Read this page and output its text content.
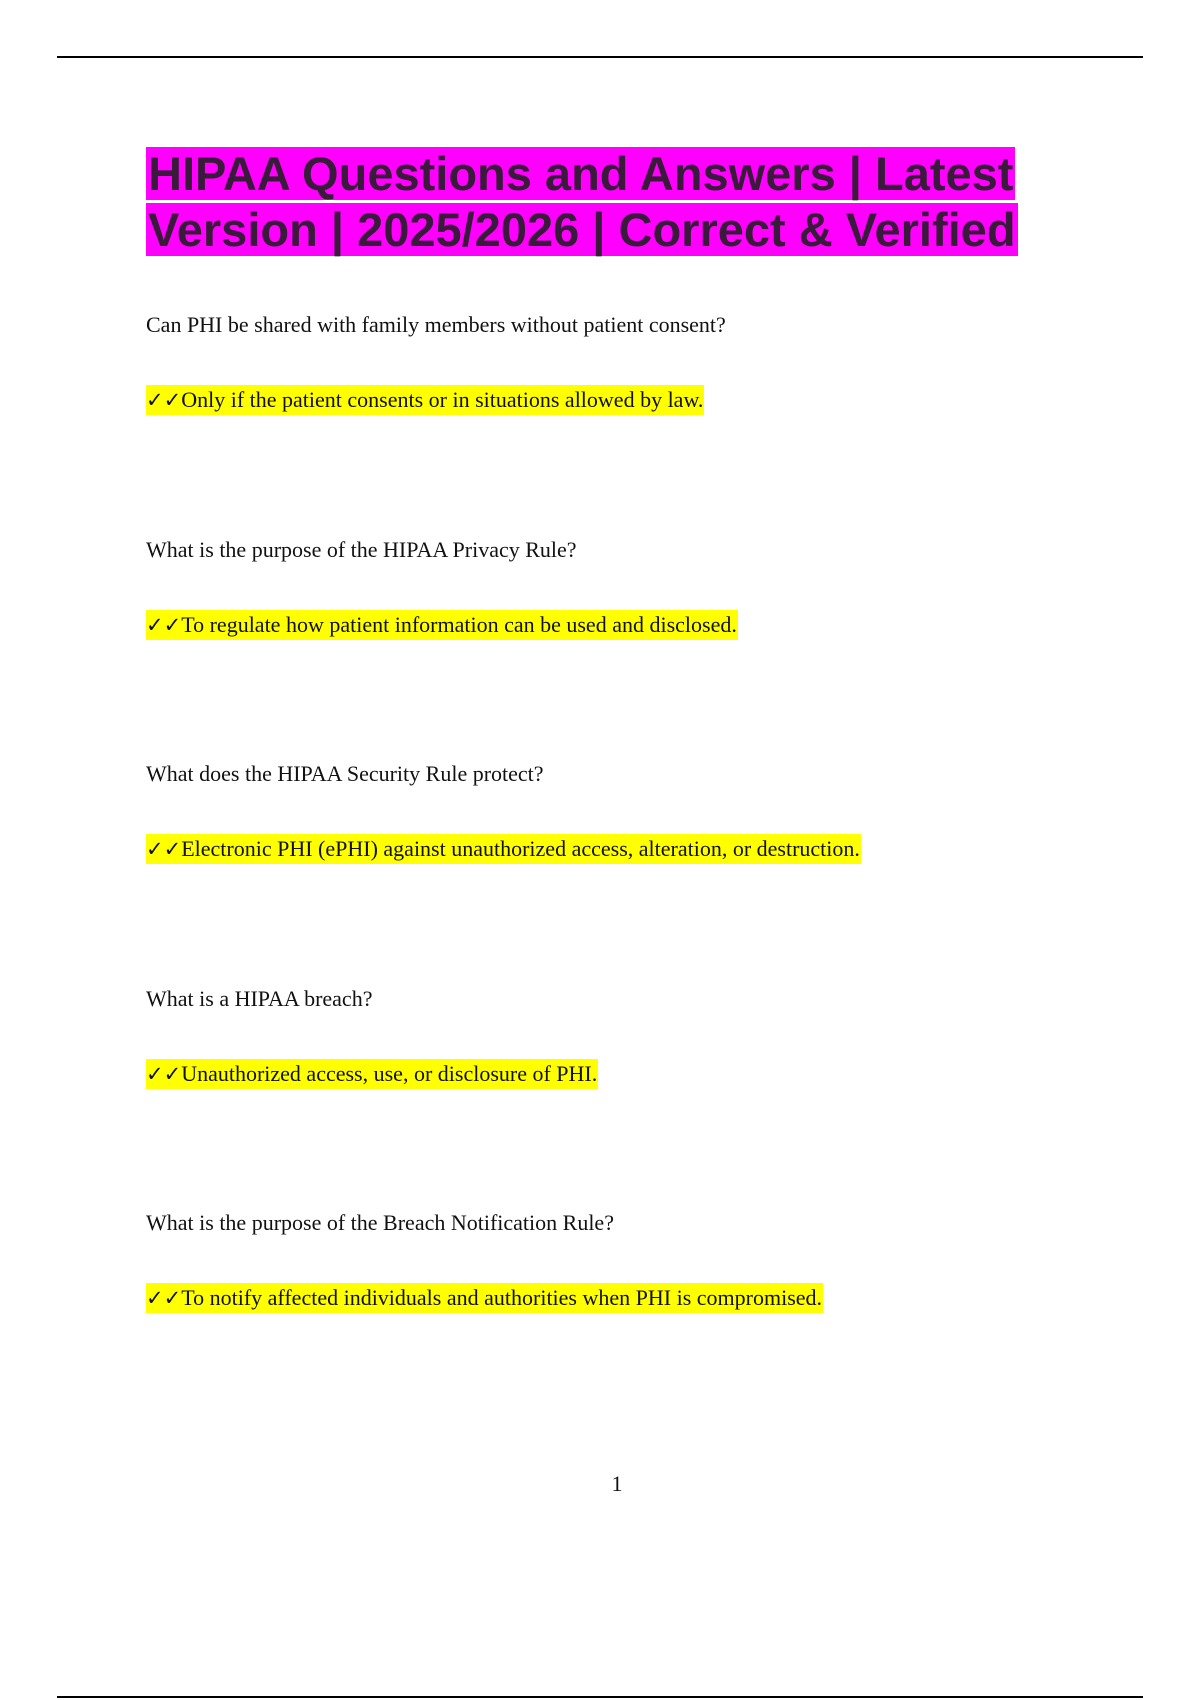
HIPAA Questions and Answers | Latest Version | 2025/2026 | Correct & Verified
Can PHI be shared with family members without patient consent?
✓✓Only if the patient consents or in situations allowed by law.
What is the purpose of the HIPAA Privacy Rule?
✓✓To regulate how patient information can be used and disclosed.
What does the HIPAA Security Rule protect?
✓✓Electronic PHI (ePHI) against unauthorized access, alteration, or destruction.
What is a HIPAA breach?
✓✓Unauthorized access, use, or disclosure of PHI.
What is the purpose of the Breach Notification Rule?
✓✓To notify affected individuals and authorities when PHI is compromised.
1
